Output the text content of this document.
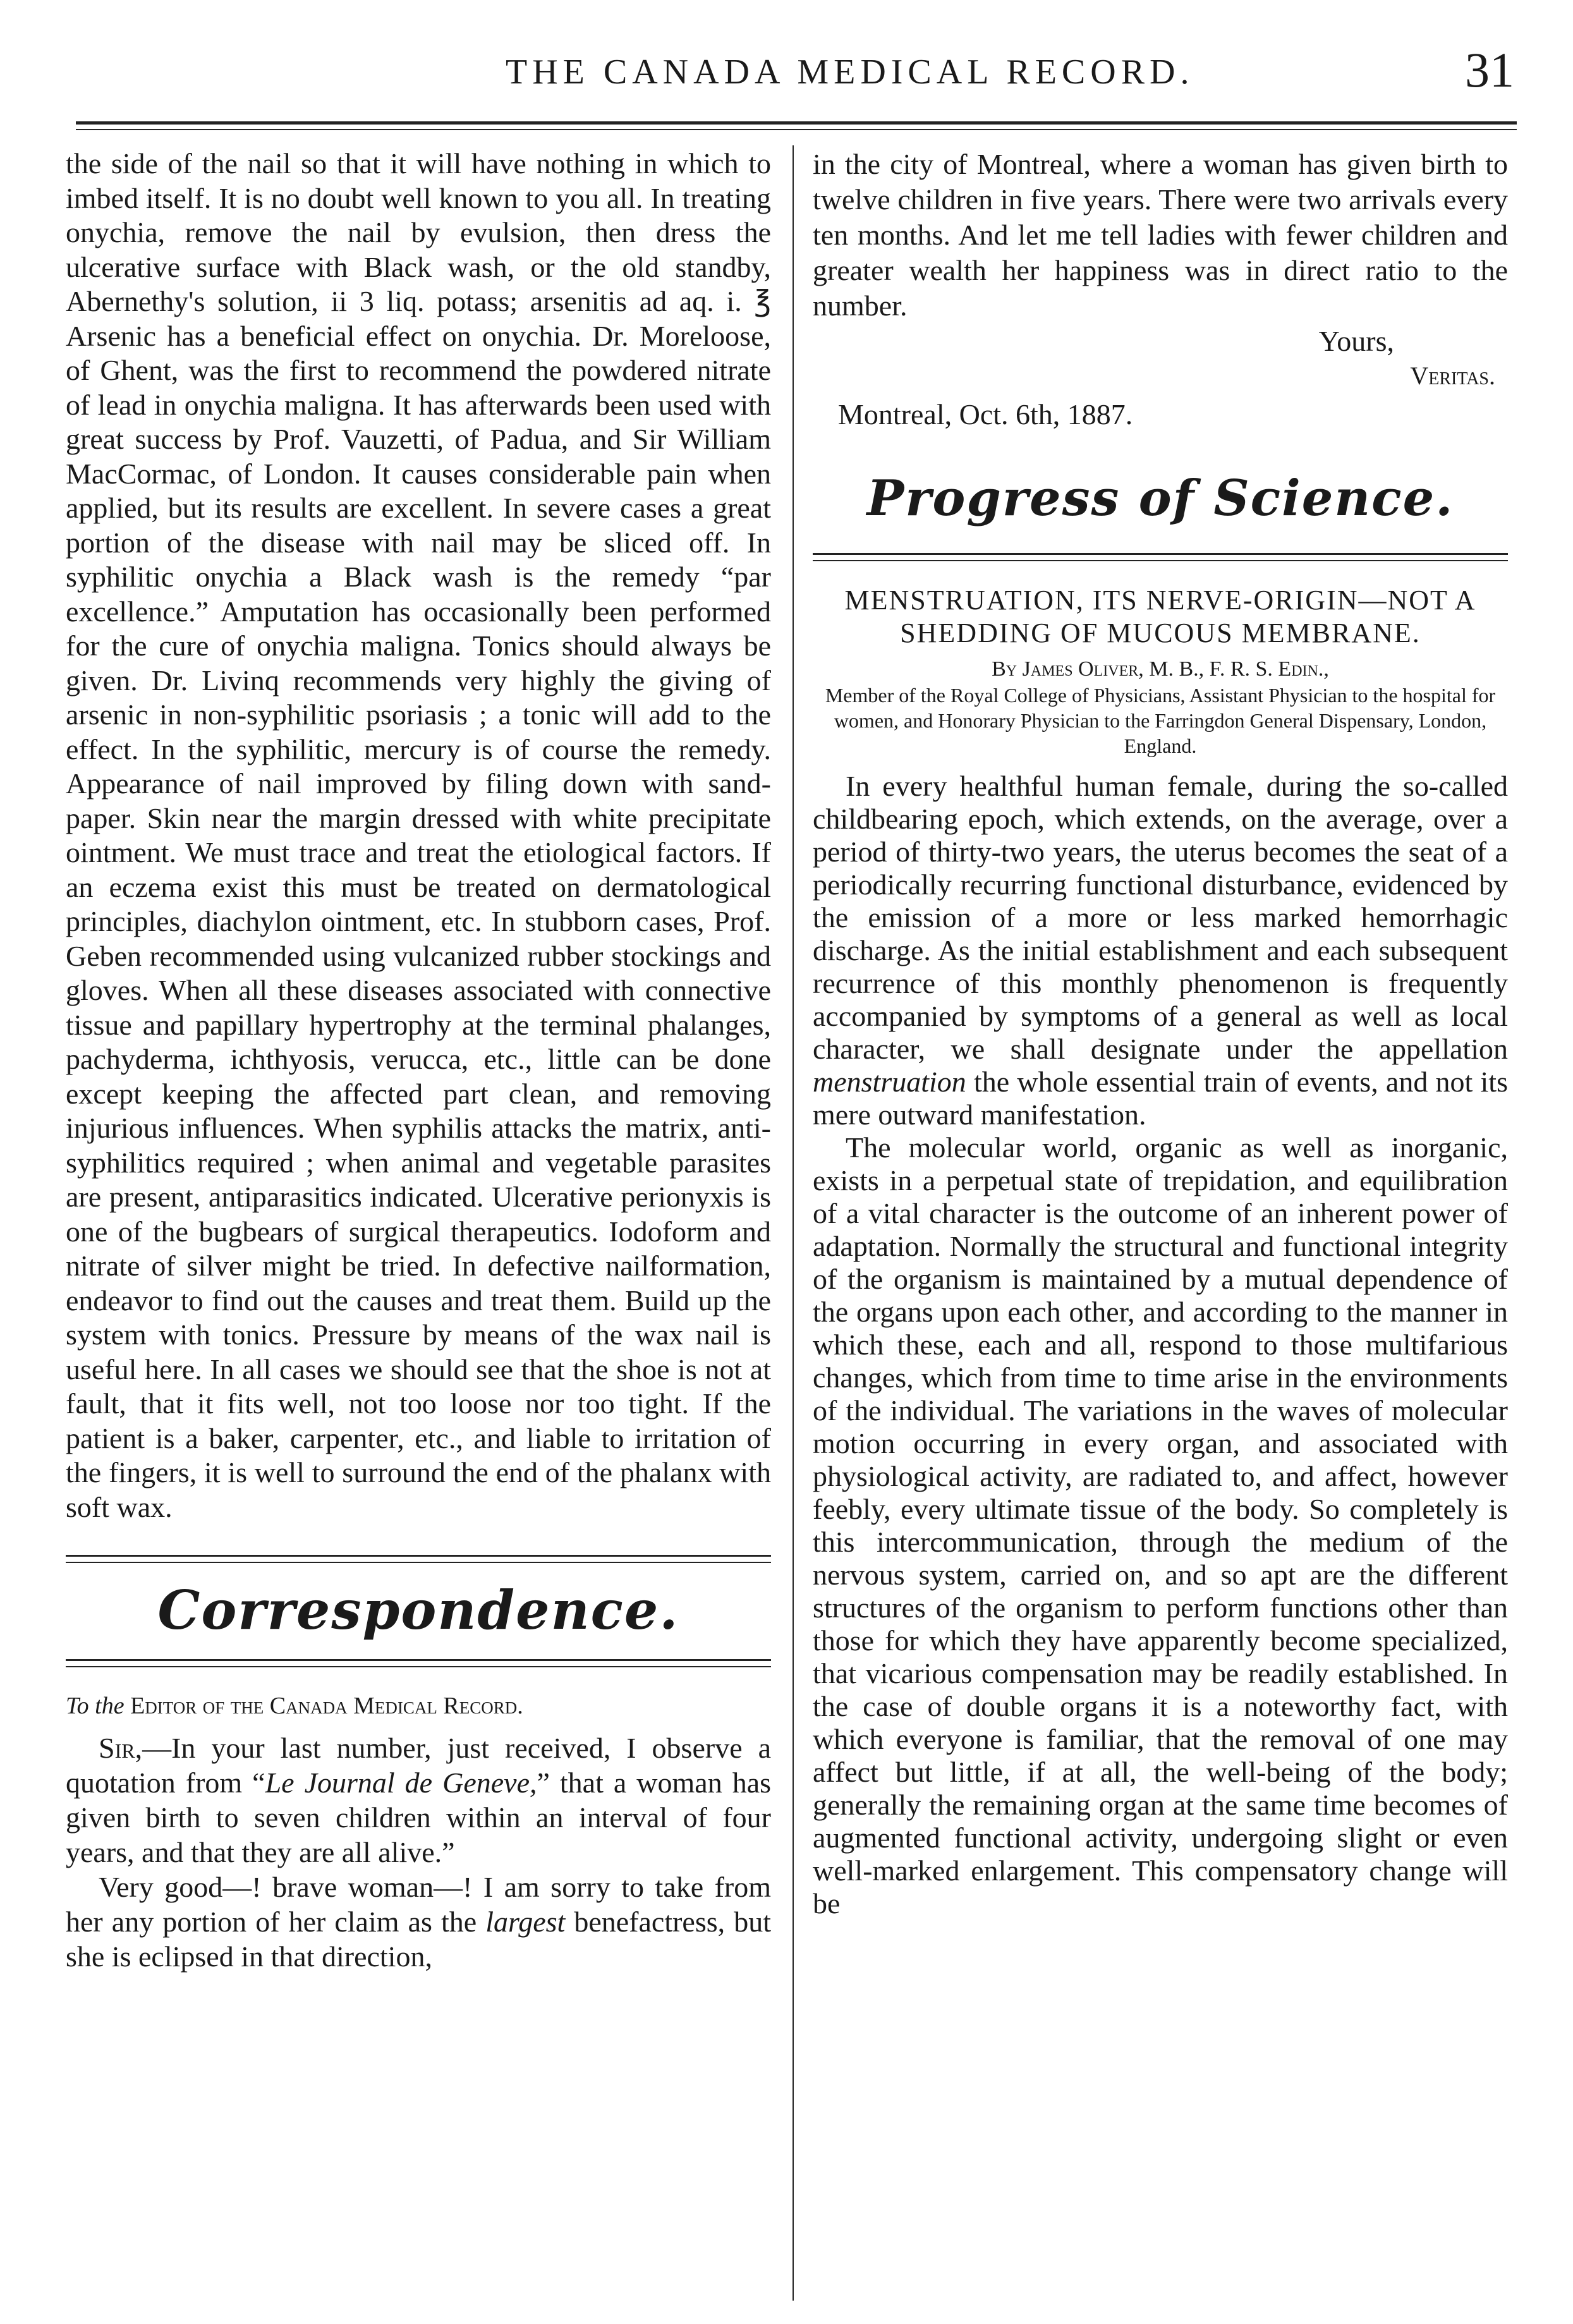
THE CANADA MEDICAL RECORD.	31

the side of the nail so that it will have nothing in which to imbed itself. It is no doubt well known to you all. In treating onychia, remove the nail by evulsion, then dress the ulcerative surface with Black wash, or the old standby, Abernethy's solution, ii 3 liq. potass; arsenitis ad aq. i. ℥ Arsenic has a beneficial effect on onychia. Dr. Moreloose, of Ghent, was the first to recommend the powdered nitrate of lead in onychia maligna. It has afterwards been used with great success by Prof. Vauzetti, of Padua, and Sir William MacCormac, of London. It causes considerable pain when applied, but its results are excellent. In severe cases a great portion of the disease with nail may be sliced off. In syphilitic onychia a Black wash is the remedy “par excellence.” Amputation has occasionally been performed for the cure of onychia maligna. Tonics should always be given. Dr. Livinq recommends very highly the giving of arsenic in non-syphilitic psoriasis ; a tonic will add to the effect. In the syphilitic, mercury is of course the remedy. Appearance of nail improved by filing down with sand-paper. Skin near the margin dressed with white precipitate ointment. We must trace and treat the etiological factors. If an eczema exist this must be treated on dermatological principles, diachylon ointment, etc. In stubborn cases, Prof. Geben recommended using vulcanized rubber stockings and gloves. When all these diseases associated with connective tissue and papillary hypertrophy at the terminal phalanges, pachyderma, ichthyosis, verucca, etc., little can be done except keeping the affected part clean, and removing injurious influences. When syphilis attacks the matrix, anti-syphilitics required ; when animal and vegetable parasites are present, antiparasitics indicated. Ulcerative perionyxis is one of the bugbears of surgical therapeutics. Iodoform and nitrate of silver might be tried. In defective nailformation, endeavor to find out the causes and treat them. Build up the system with tonics. Pressure by means of the wax nail is useful here. In all cases we should see that the shoe is not at fault, that it fits well, not too loose nor too tight. If the patient is a baker, carpenter, etc., and liable to irritation of the fingers, it is well to surround the end of the phalanx with soft wax.

Correspondence.

To the Editor of the Canada Medical Record.

Sir,—In your last number, just received, I observe a quotation from “Le Journal de Geneve,” that a woman has given birth to seven children within an interval of four years, and that they are all alive.”

Very good—! brave woman—! I am sorry to take from her any portion of her claim as the largest benefactress, but she is eclipsed in that direction,

in the city of Montreal, where a woman has given birth to twelve children in five years. There were two arrivals every ten months. And let me tell ladies with fewer children and greater wealth her happiness was in direct ratio to the number.

Yours,

Veritas.

Montreal, Oct. 6th, 1887.

Progress of Science.

MENSTRUATION, ITS NERVE-ORIGIN—NOT A SHEDDING OF MUCOUS MEMBRANE.

By James Oliver, M. B., F. R. S. Edin.,

Member of the Royal College of Physicians, Assistant Physician to the hospital for women, and Honorary Physician to the Farringdon General Dispensary, London, England.

In every healthful human female, during the so-called childbearing epoch, which extends, on the average, over a period of thirty-two years, the uterus becomes the seat of a periodically recurring functional disturbance, evidenced by the emission of a more or less marked hemorrhagic discharge. As the initial establishment and each subsequent recurrence of this monthly phenomenon is frequently accompanied by symptoms of a general as well as local character, we shall designate under the appellation menstruation the whole essential train of events, and not its mere outward manifestation.

The molecular world, organic as well as inorganic, exists in a perpetual state of trepidation, and equilibration of a vital character is the outcome of an inherent power of adaptation. Normally the structural and functional integrity of the organism is maintained by a mutual dependence of the organs upon each other, and according to the manner in which these, each and all, respond to those multifarious changes, which from time to time arise in the environments of the individual. The variations in the waves of molecular motion occurring in every organ, and associated with physiological activity, are radiated to, and affect, however feebly, every ultimate tissue of the body. So completely is this intercommunication, through the medium of the nervous system, carried on, and so apt are the different structures of the organism to perform functions other than those for which they have apparently become specialized, that vicarious compensation may be readily established. In the case of double organs it is a noteworthy fact, with which everyone is familiar, that the removal of one may affect but little, if at all, the well-being of the body; generally the remaining organ at the same time becomes of augmented functional activity, undergoing slight or even well-marked enlargement. This compensatory change will be
